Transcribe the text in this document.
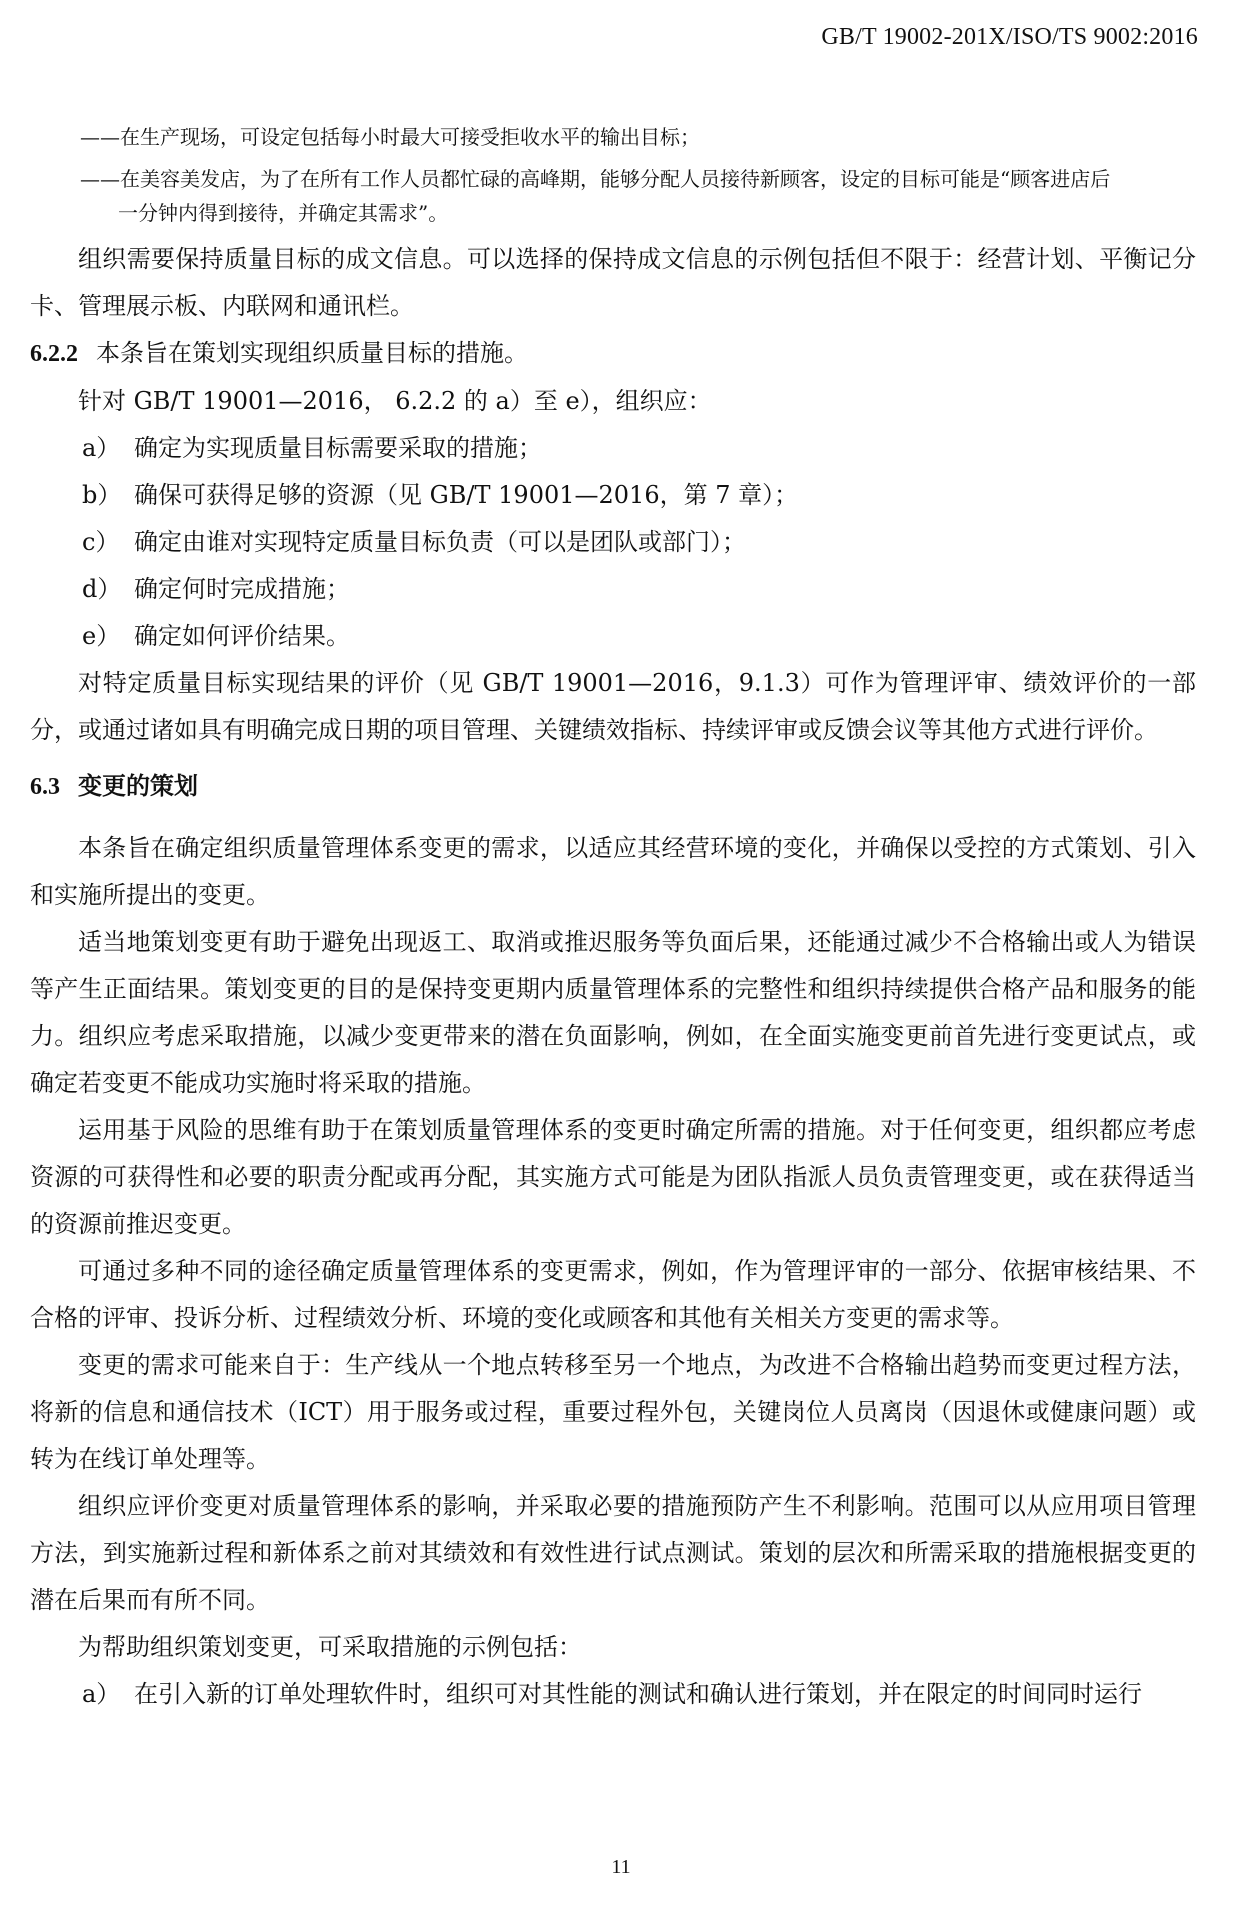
GB/T 19002-201X/ISO/TS 9002:2016

——在生产现场，可设定包括每小时最大可接受拒收水平的输出目标；

——在美容美发店，为了在所有工作人员都忙碌的高峰期，能够分配人员接待新顾客，设定的目标可能是“顾客进店后

一分钟内得到接待，并确定其需求”。

组织需要保持质量目标的成文信息。可以选择的保持成文信息的示例包括但不限于：经营计划、平衡记分卡、管理展示板、内联网和通讯栏。

6.2.2 本条旨在策划实现组织质量目标的措施。

针对 GB/T 19001—2016， 6.2.2 的 a）至 e），组织应：

a） 确定为实现质量目标需要采取的措施；

b） 确保可获得足够的资源（见 GB/T 19001—2016，第 7 章）；

c） 确定由谁对实现特定质量目标负责（可以是团队或部门）；

d） 确定何时完成措施；

e） 确定如何评价结果。

对特定质量目标实现结果的评价（见 GB/T 19001—2016，9.1.3）可作为管理评审、绩效评价的一部分，或通过诸如具有明确完成日期的项目管理、关键绩效指标、持续评审或反馈会议等其他方式进行评价。

6.3 变更的策划

本条旨在确定组织质量管理体系变更的需求，以适应其经营环境的变化，并确保以受控的方式策划、引入和实施所提出的变更。

适当地策划变更有助于避免出现返工、取消或推迟服务等负面后果，还能通过减少不合格输出或人为错误等产生正面结果。策划变更的目的是保持变更期内质量管理体系的完整性和组织持续提供合格产品和服务的能力。组织应考虑采取措施，以减少变更带来的潜在负面影响，例如，在全面实施变更前首先进行变更试点，或确定若变更不能成功实施时将采取的措施。

运用基于风险的思维有助于在策划质量管理体系的变更时确定所需的措施。对于任何变更，组织都应考虑资源的可获得性和必要的职责分配或再分配，其实施方式可能是为团队指派人员负责管理变更，或在获得适当的资源前推迟变更。

可通过多种不同的途径确定质量管理体系的变更需求，例如，作为管理评审的一部分、依据审核结果、不合格的评审、投诉分析、过程绩效分析、环境的变化或顾客和其他有关相关方变更的需求等。

变更的需求可能来自于：生产线从一个地点转移至另一个地点，为改进不合格输出趋势而变更过程方法，将新的信息和通信技术（ICT）用于服务或过程，重要过程外包，关键岗位人员离岗（因退休或健康问题）或转为在线订单处理等。

组织应评价变更对质量管理体系的影响，并采取必要的措施预防产生不利影响。范围可以从应用项目管理方法，到实施新过程和新体系之前对其绩效和有效性进行试点测试。策划的层次和所需采取的措施根据变更的潜在后果而有所不同。

为帮助组织策划变更，可采取措施的示例包括：

a） 在引入新的订单处理软件时，组织可对其性能的测试和确认进行策划，并在限定的时间同时运行

11
